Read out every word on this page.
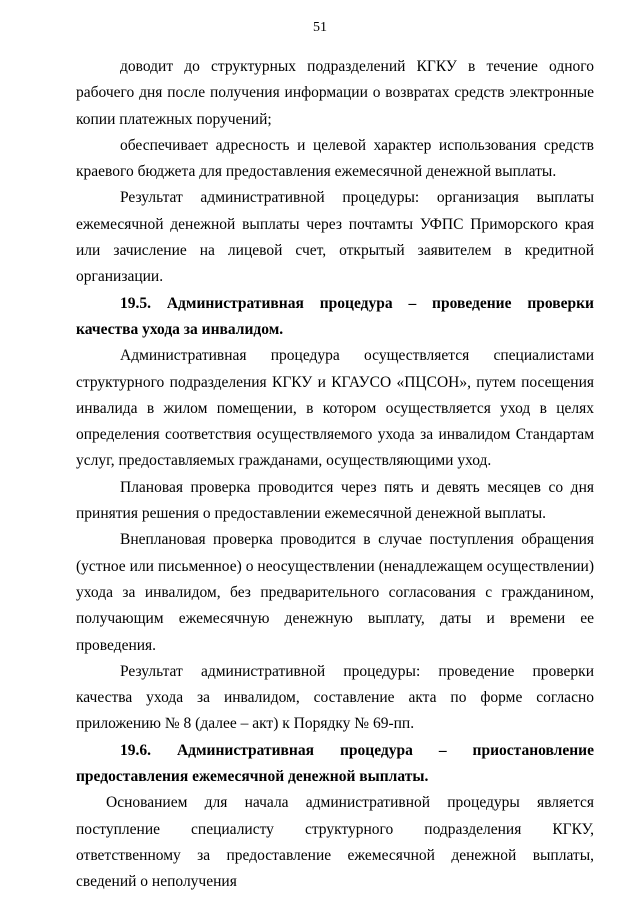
51

доводит до структурных подразделений КГКУ в течение одного рабочего дня после получения информации о возвратах средств электронные копии платежных поручений;

обеспечивает адресность и целевой характер использования средств краевого бюджета для предоставления ежемесячной денежной выплаты.

Результат административной процедуры: организация выплаты ежемесячной денежной выплаты через почтамты УФПС Приморского края или зачисление на лицевой счет, открытый заявителем в кредитной организации.

19.5. Административная процедура – проведение проверки качества ухода за инвалидом.

Административная процедура осуществляется специалистами структурного подразделения КГКУ и КГАУСО «ПЦСОН», путем посещения инвалида в жилом помещении, в котором осуществляется уход в целях определения соответствия осуществляемого ухода за инвалидом Стандартам услуг, предоставляемых гражданами, осуществляющими уход.

Плановая проверка проводится через пять и девять месяцев со дня принятия решения о предоставлении ежемесячной денежной выплаты.

Внеплановая проверка проводится в случае поступления обращения (устное или письменное) о неосуществлении (ненадлежащем осуществлении) ухода за инвалидом, без предварительного согласования с гражданином, получающим ежемесячную денежную выплату, даты и времени ее проведения.

Результат административной процедуры: проведение проверки качества ухода за инвалидом, составление акта по форме согласно приложению № 8 (далее – акт) к Порядку № 69-пп.

19.6. Административная процедура – приостановление
предоставления ежемесячной денежной выплаты.

Основанием для начала административной процедуры является поступление специалисту структурного подразделения КГКУ, ответственному за предоставление ежемесячной денежной выплаты, сведений о неполучения
